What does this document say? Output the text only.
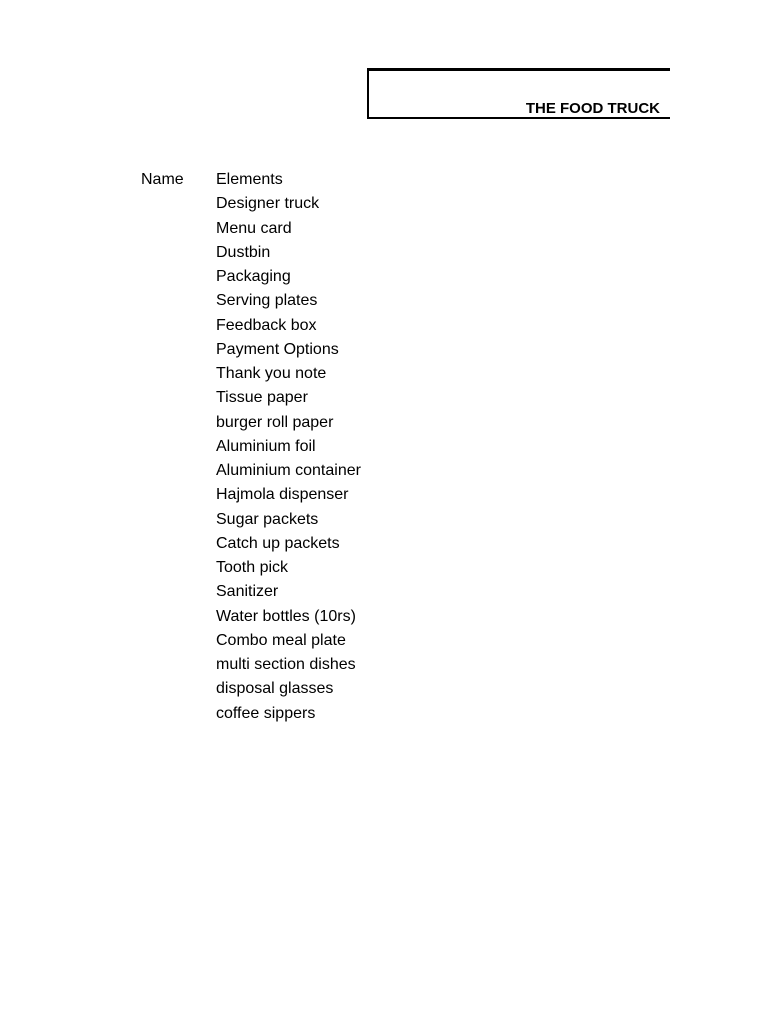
THE FOOD TRUCK
Name Elements
Designer truck
Menu card
Dustbin
Packaging
Serving plates
Feedback box
Payment Options
Thank you note
Tissue paper
burger roll paper
Aluminium foil
Aluminium container
Hajmola dispenser
Sugar packets
Catch up packets
Tooth pick
Sanitizer
Water bottles (10rs)
Combo meal plate
multi section dishes
disposal glasses
coffee sippers
